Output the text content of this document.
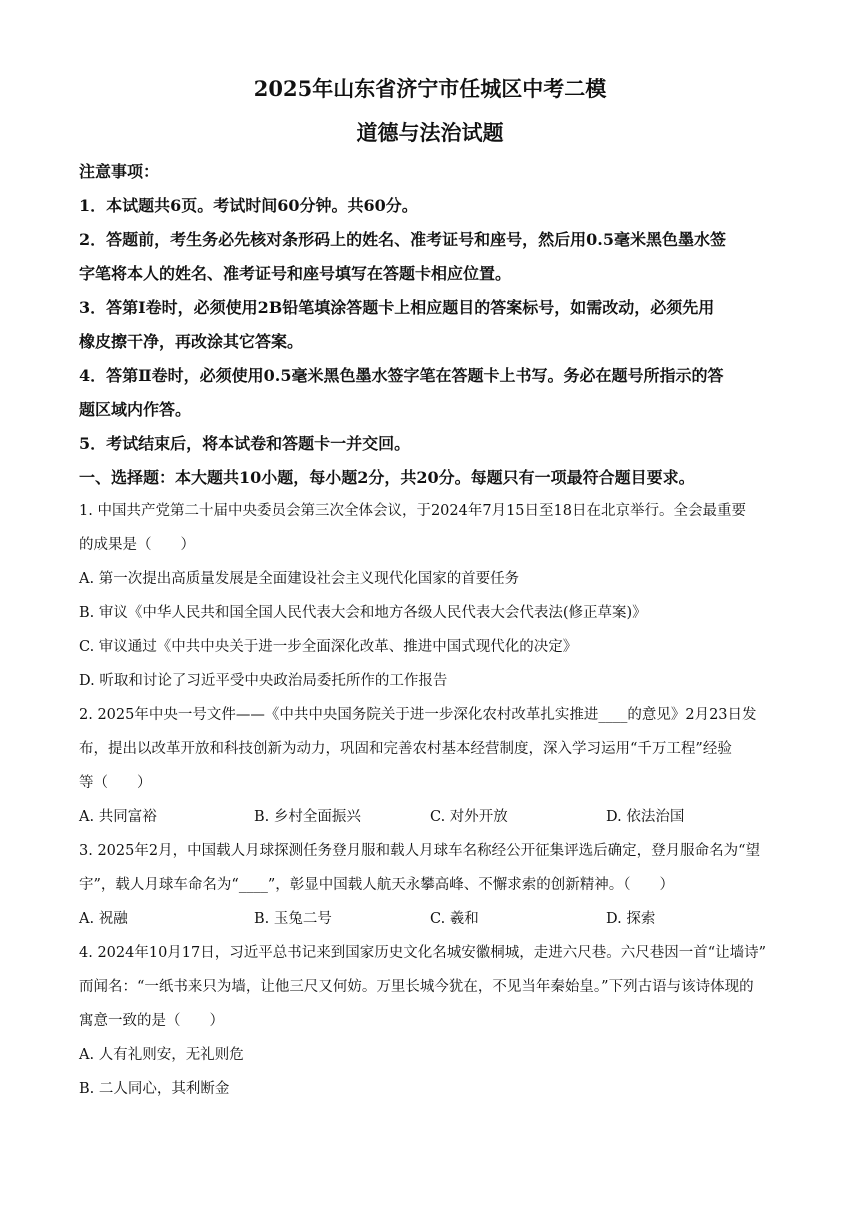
2025年山东省济宁市任城区中考二模
道德与法治试题
注意事项：
1．本试题共6页。考试时间60分钟。共60分。
2．答题前，考生务必先核对条形码上的姓名、准考证号和座号，然后用0.5毫米黑色墨水签
字笔将本人的姓名、准考证号和座号填写在答题卡相应位置。
3．答第Ⅰ卷时，必须使用2B铅笔填涂答题卡上相应题目的答案标号，如需改动，必须先用
橡皮擦干净，再改涂其它答案。
4．答第Ⅱ卷时，必须使用0.5毫米黑色墨水签字笔在答题卡上书写。务必在题号所指示的答
题区域内作答。
5．考试结束后，将本试卷和答题卡一并交回。
一、选择题：本大题共10小题，每小题2分，共20分。每题只有一项最符合题目要求。
1. 中国共产党第二十届中央委员会第三次全体会议，于2024年7月15日至18日在北京举行。全会最重要
的成果是（　　）
A. 第一次提出高质量发展是全面建设社会主义现代化国家的首要任务
B. 审议《中华人民共和国全国人民代表大会和地方各级人民代表大会代表法(修正草案)》
C. 审议通过《中共中央关于进一步全面深化改革、推进中国式现代化的决定》
D. 听取和讨论了习近平受中央政治局委托所作的工作报告
2. 2025年中央一号文件——《中共中央国务院关于进一步深化农村改革扎实推进____的意见》2月23日发
布，提出以改革开放和科技创新为动力，巩固和完善农村基本经营制度，深入学习运用“千万工程”经验
等（　　）
A. 共同富裕	B. 乡村全面振兴	C. 对外开放	D. 依法治国
3. 2025年2月，中国载人月球探测任务登月服和载人月球车名称经公开征集评选后确定，登月服命名为“望
宇”，载人月球车命名为“____”，彰显中国载人航天永攀高峰、不懈求索的创新精神。（　　）
A. 祝融	B. 玉兔二号	C. 羲和	D. 探索
4. 2024年10月17日，习近平总书记来到国家历史文化名城安徽桐城，走进六尺巷。六尺巷因一首“让墙诗”
而闻名：“一纸书来只为墙，让他三尺又何妨。万里长城今犹在，不见当年秦始皇。”下列古语与该诗体现的
寓意一致的是（　　）
A. 人有礼则安，无礼则危
B. 二人同心，其利断金
